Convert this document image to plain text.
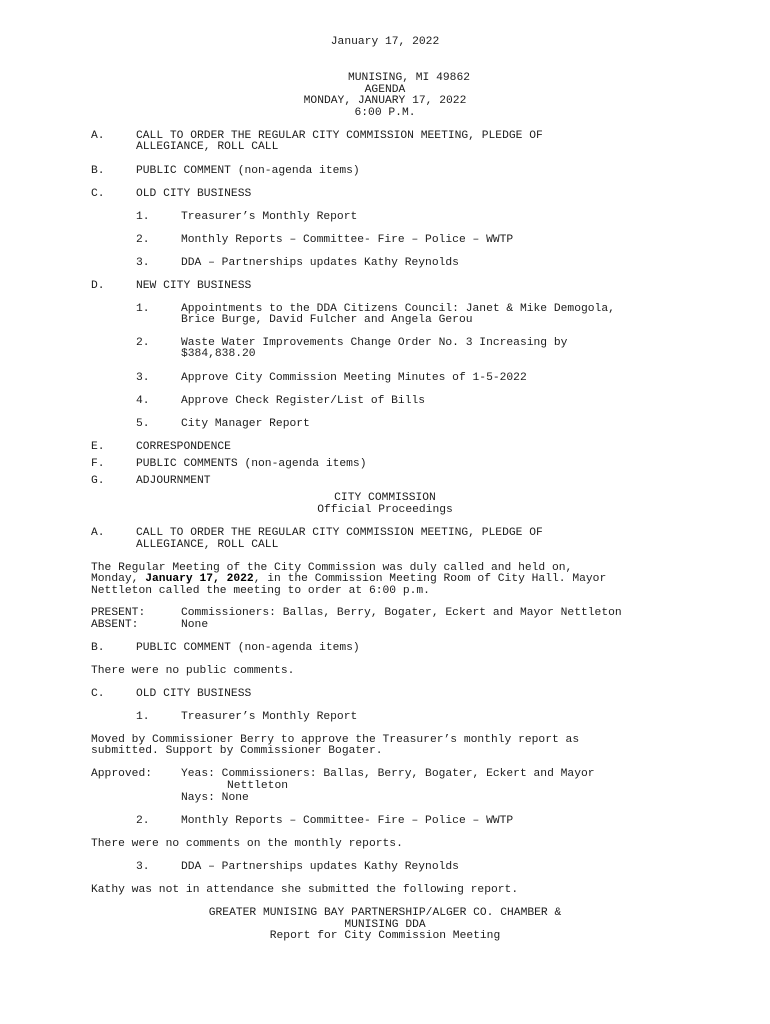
January 17, 2022
MUNISING, MI 49862
AGENDA
MONDAY, JANUARY 17, 2022
6:00 P.M.
A.	CALL TO ORDER THE REGULAR CITY COMMISSION MEETING, PLEDGE OF
ALLEGIANCE, ROLL CALL
B.	PUBLIC COMMENT (non-agenda items)
C.	OLD CITY BUSINESS
1.	Treasurer’s Monthly Report
2.	Monthly Reports – Committee- Fire – Police – WWTP
3.	DDA – Partnerships updates Kathy Reynolds
D.	NEW CITY BUSINESS
1.	Appointments to the DDA Citizens Council: Janet & Mike Demogola,
Brice Burge, David Fulcher and Angela Gerou
2.	Waste Water Improvements Change Order No. 3 Increasing by
$384,838.20
3.	Approve City Commission Meeting Minutes of 1-5-2022
4.	Approve Check Register/List of Bills
5.	City Manager Report
E.	CORRESPONDENCE
F.	PUBLIC COMMENTS (non-agenda items)
G.	ADJOURNMENT
CITY COMMISSION
Official Proceedings
A.	CALL TO ORDER THE REGULAR CITY COMMISSION MEETING, PLEDGE OF
ALLEGIANCE, ROLL CALL
The Regular Meeting of the City Commission was duly called and held on,
Monday, January 17, 2022, in the Commission Meeting Room of City Hall. Mayor
Nettleton called the meeting to order at 6:00 p.m.
PRESENT:	Commissioners: Ballas, Berry, Bogater, Eckert and Mayor Nettleton
ABSENT:	None
B.	PUBLIC COMMENT (non-agenda items)
There were no public comments.
C.	OLD CITY BUSINESS
1.	Treasurer’s Monthly Report
Moved by Commissioner Berry to approve the Treasurer’s monthly report as
submitted. Support by Commissioner Bogater.
Approved:	Yeas: Commissioners: Ballas, Berry, Bogater, Eckert and Mayor
Nettleton
Nays: None
2.	Monthly Reports – Committee- Fire – Police – WWTP
There were no comments on the monthly reports.
3.	DDA – Partnerships updates Kathy Reynolds
Kathy was not in attendance she submitted the following report.
GREATER MUNISING BAY PARTNERSHIP/ALGER CO. CHAMBER &
MUNISING DDA
Report for City Commission Meeting
